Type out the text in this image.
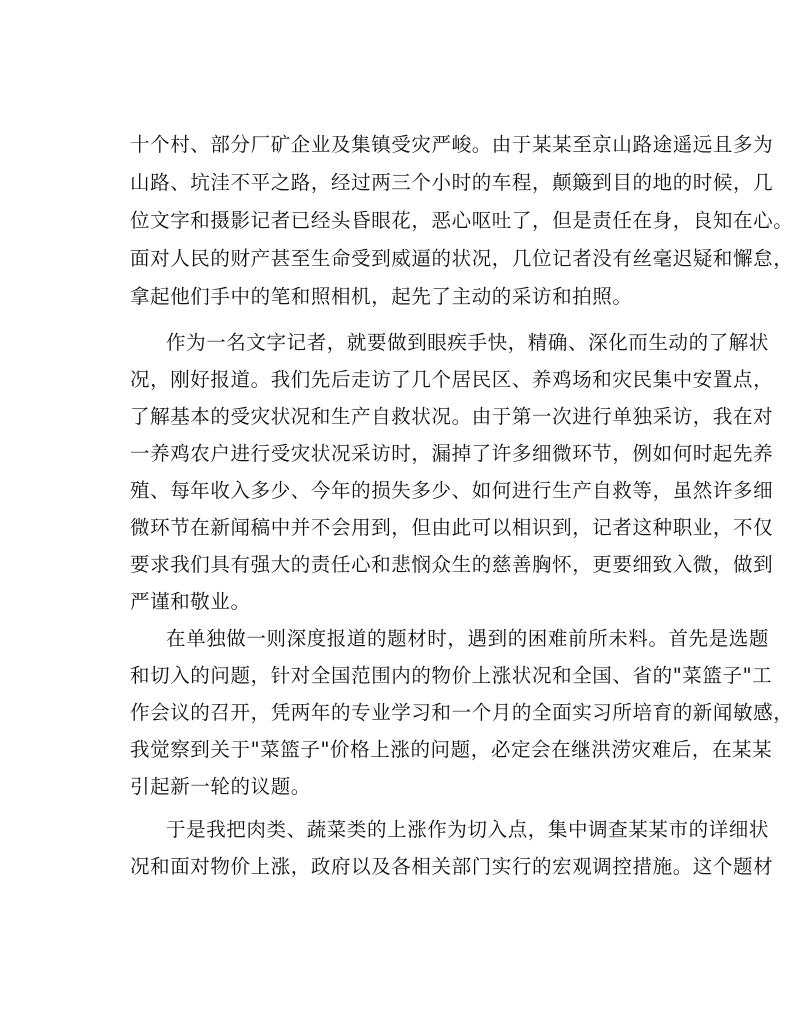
十个村、部分厂矿企业及集镇受灾严峻。由于某某至京山路途遥远且多为
山路、坑洼不平之路，经过两三个小时的车程，颠簸到目的地的时候，几
位文字和摄影记者已经头昏眼花，恶心呕吐了，但是责任在身，良知在心。
面对人民的财产甚至生命受到威逼的状况，几位记者没有丝毫迟疑和懈怠，
拿起他们手中的笔和照相机，起先了主动的采访和拍照。
作为一名文字记者，就要做到眼疾手快，精确、深化而生动的了解状
况，刚好报道。我们先后走访了几个居民区、养鸡场和灾民集中安置点，
了解基本的受灾状况和生产自救状况。由于第一次进行单独采访，我在对
一养鸡农户进行受灾状况采访时，漏掉了许多细微环节，例如何时起先养
殖、每年收入多少、今年的损失多少、如何进行生产自救等，虽然许多细
微环节在新闻稿中并不会用到，但由此可以相识到，记者这种职业，不仅
要求我们具有强大的责任心和悲悯众生的慈善胸怀，更要细致入微，做到
严谨和敬业。
在单独做一则深度报道的题材时，遇到的困难前所未料。首先是选题
和切入的问题，针对全国范围内的物价上涨状况和全国、省的"菜篮子"工
作会议的召开，凭两年的专业学习和一个月的全面实习所培育的新闻敏感，
我觉察到关于"菜篮子"价格上涨的问题，必定会在继洪涝灾难后，在某某
引起新一轮的议题。
于是我把肉类、蔬菜类的上涨作为切入点，集中调查某某市的详细状
况和面对物价上涨，政府以及各相关部门实行的宏观调控措施。这个题材
